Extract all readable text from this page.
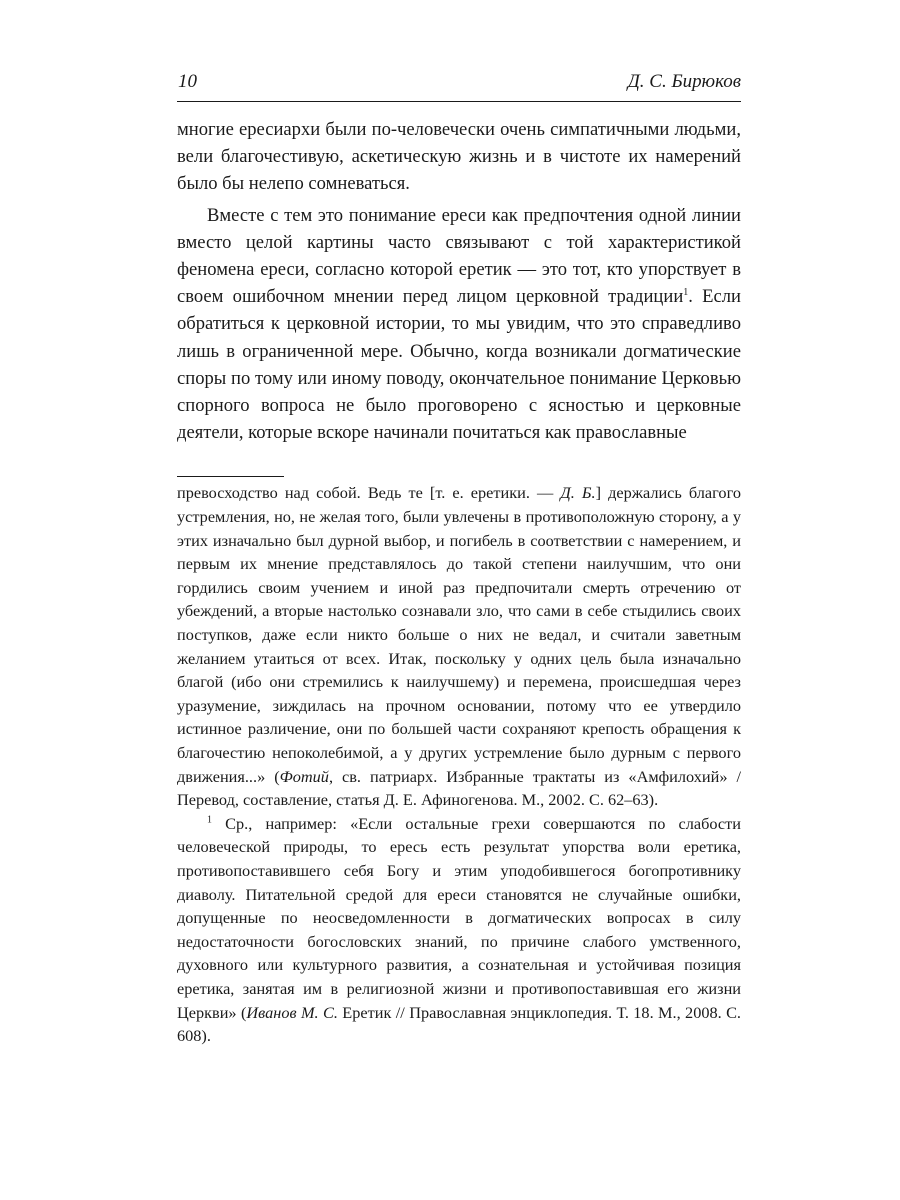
10	Д. С. Бирюков

многие ересиархи были по-человечески очень симпатичными людьми, вели благочестивую, аскетическую жизнь и в чистоте их намерений было бы нелепо сомневаться.

Вместе с тем это понимание ереси как предпочтения одной линии вместо целой картины часто связывают с той характеристикой феномена ереси, согласно которой еретик — это тот, кто упорствует в своем ошибочном мнении перед лицом церковной традиции$^1$. Если обратиться к церковной истории, то мы увидим, что это справедливо лишь в ограниченной мере. Обычно, когда возникали догматические споры по тому или иному поводу, окончательное понимание Церковью спорного вопроса не было проговорено с ясностью и церковные деятели, которые вскоре начинали почитаться как православные

превосходство над собой. Ведь те [т. е. еретики. — Д. Б.] держались благого устремления, но, не желая того, были увлечены в противоположную сторону, а у этих изначально был дурной выбор, и погибель в соответствии с намерением, и первым их мнение представлялось до такой степени наилучшим, что они гордились своим учением и иной раз предпочитали смерть отречению от убеждений, а вторые настолько сознавали зло, что сами в себе стыдились своих поступков, даже если никто больше о них не ведал, и считали заветным желанием утаиться от всех. Итак, поскольку у одних цель была изначально благой (ибо они стремились к наилучшему) и перемена, происшедшая через уразумение, зиждилась на прочном основании, потому что ее утвердило истинное различение, они по большей части сохраняют крепость обращения к благочестию непоколебимой, а у других устремление было дурным с первого движения...» (Фотий, св. патриарх. Избранные трактаты из «Амфилохий» / Перевод, составление, статья Д. Е. Афиногенова. М., 2002. С. 62–63).

$^1$ Ср., например: «Если остальные грехи совершаются по слабости человеческой природы, то ересь есть результат упорства воли еретика, противопоставившего себя Богу и этим уподобившегося богопротивнику диаволу. Питательной средой для ереси становятся не случайные ошибки, допущенные по неосведомленности в догматических вопросах в силу недостаточности богословских знаний, по причине слабого умственного, духовного или культурного развития, а сознательная и устойчивая позиция еретика, занятая им в религиозной жизни и противопоставившая его жизни Церкви» (Иванов М. С. Еретик // Православная энциклопедия. Т. 18. М., 2008. С. 608).
